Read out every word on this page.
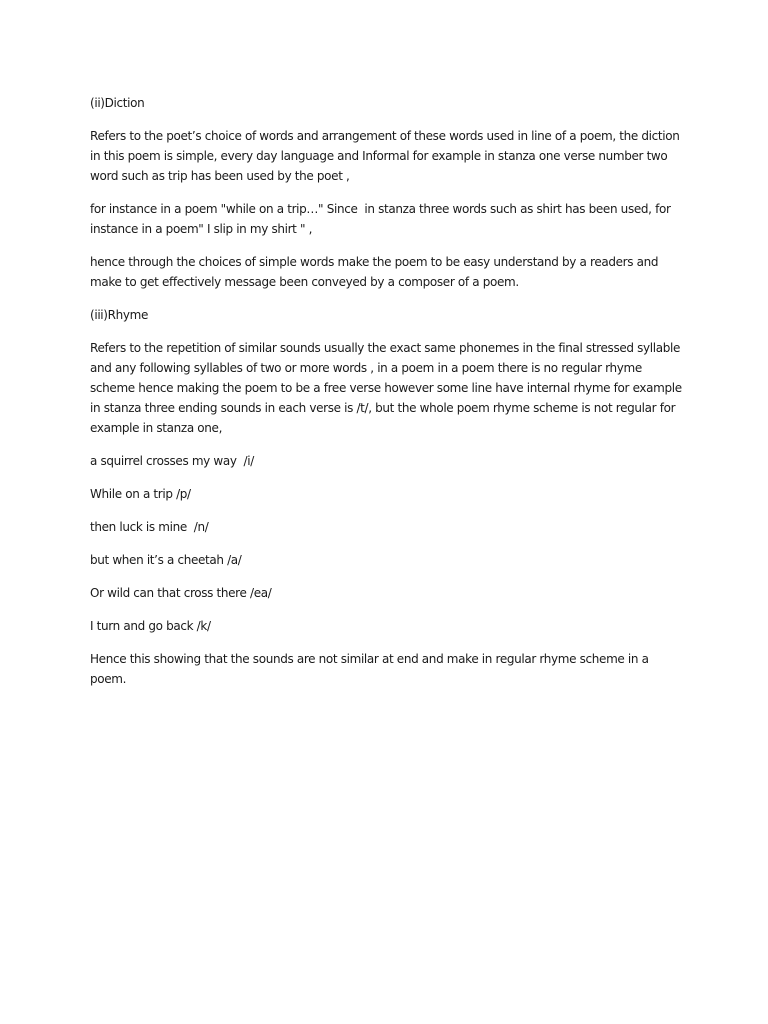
(ii)Diction

Refers to the poet’s choice of words and arrangement of these words used in line of a poem, the diction in this poem is simple, every day language and Informal for example in stanza one verse number two word such as trip has been used by the poet ,

for instance in a poem "while on a trip…" Since  in stanza three words such as shirt has been used, for instance in a poem" I slip in my shirt " ,

hence through the choices of simple words make the poem to be easy understand by a readers and make to get effectively message been conveyed by a composer of a poem.

(iii)Rhyme

Refers to the repetition of similar sounds usually the exact same phonemes in the final stressed syllable and any following syllables of two or more words , in a poem in a poem there is no regular rhyme scheme hence making the poem to be a free verse however some line have internal rhyme for example in stanza three ending sounds in each verse is /t/, but the whole poem rhyme scheme is not regular for example in stanza one,

a squirrel crosses my way  /i/

While on a trip /p/

then luck is mine  /n/

but when it’s a cheetah /a/

Or wild can that cross there /ea/

I turn and go back /k/

Hence this showing that the sounds are not similar at end and make in regular rhyme scheme in a poem.
